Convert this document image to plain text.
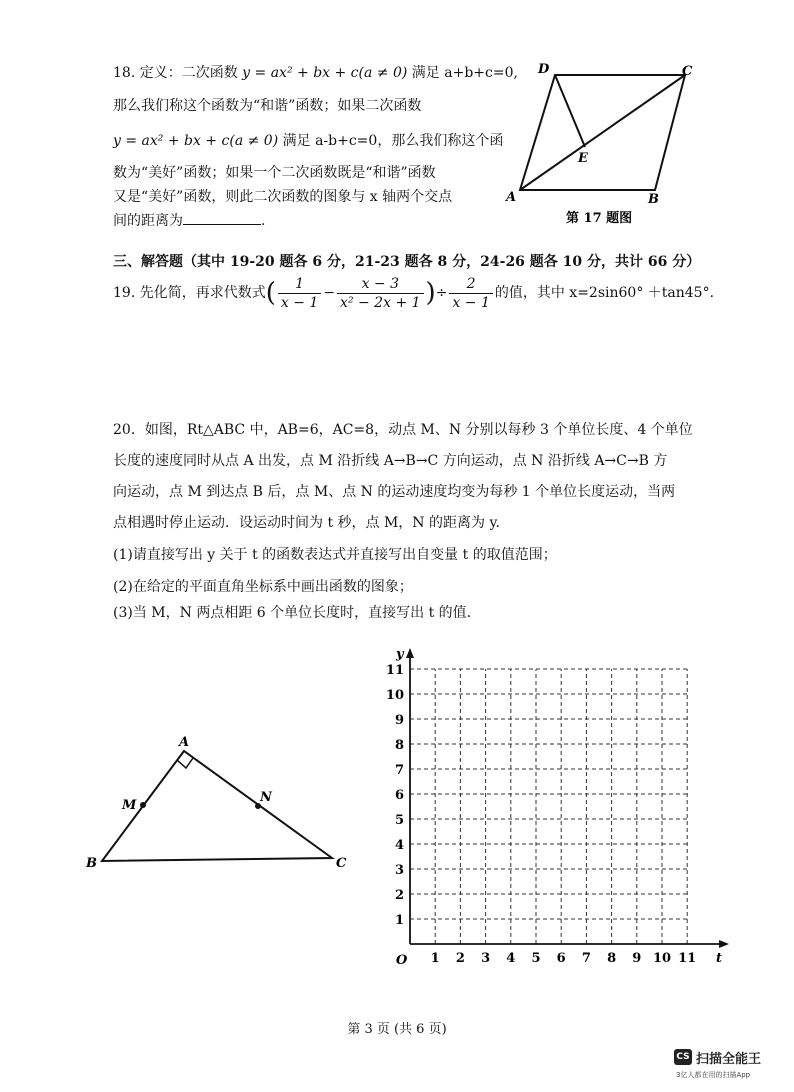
18. 定义：二次函数 y = ax² + bx + c(a ≠ 0) 满足 a+b+c=0,
那么我们称这个函数为“和谐”函数；如果二次函数
y = ax² + bx + c(a ≠ 0) 满足 a-b+c=0，那么我们称这个函
数为“美好”函数；如果一个二次函数既是“和谐”函数
又是“美好”函数，则此二次函数的图象与 x 轴两个交点
间的距离为	.
D	C
E
A	B
第 17 题图
三、解答题（其中 19-20 题各 6 分，21-23 题各 8 分，24-26 题各 10 分，共计 66 分）
19. 先化简，再求代数式( $\frac{1}{x - 1} - \frac{x - 3}{\text{x² − 2x + 1}}$ )÷ $\frac{2}{x - 1}$ 的值，其中 x=2sin60° ＋tan45°．
20．如图，Rt△ABC 中，AB=6，AC=8，动点 M、N 分别以每秒 3 个单位长度、4 个单位
长度的速度同时从点 A 出发，点 M 沿折线 A→B→C 方向运动，点 N 沿折线 A→C→B 方
向运动，点 M 到达点 B 后，点 M、点 N 的运动速度均变为每秒 1 个单位长度运动，当两
点相遇时停止运动．设运动时间为 t 秒，点 M，N 的距离为 y.
(1)请直接写出 y 关于 t 的函数表达式并直接写出自变量 t 的取值范围；
(2)在给定的平面直角坐标系中画出函数的图象；
(3)当 M，N 两点相距 6 个单位长度时，直接写出 t 的值.
A
B	C
M
N
O	t
y
1 2 3 4 5 6 7 8 9 10 11
1
2
3
4
5
6
7
8
9
10
11
第 3 页 (共 6 页)
CS 扫描全能王
3亿人都在用的扫描App
